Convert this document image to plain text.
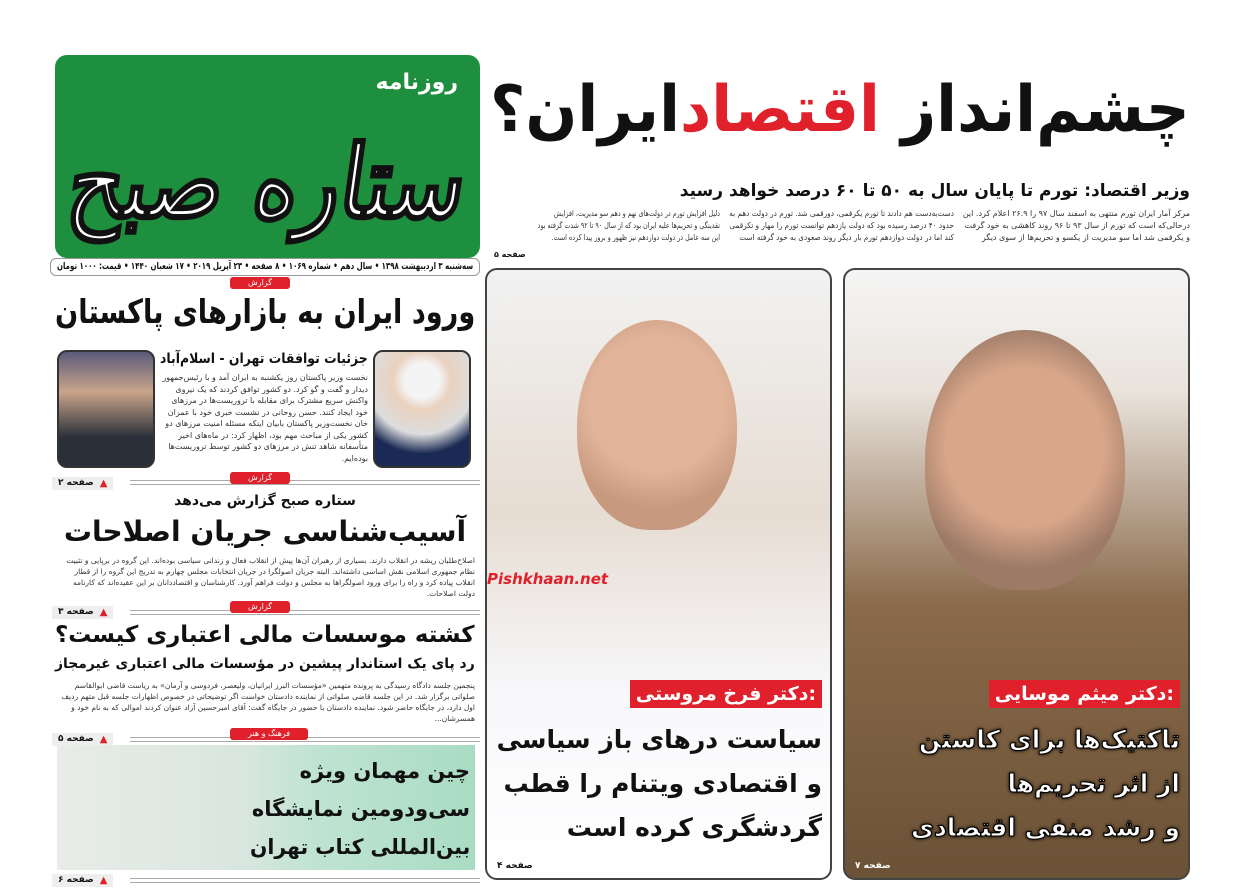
روزنامه
ستاره صبح
سه‌شنبه ۳ اردیبهشت ۱۳۹۸ • سال دهم • شماره ۱۰۶۹ • ۸ صفحه • ۲۳ آپریل ۲۰۱۹ • ۱۷ شعبان ۱۴۴۰ • قیمت: ۱۰۰۰ تومان
چشم‌انداز اقتصادایران؟
وزیر اقتصاد: تورم تا پایان سال به ۵۰ تا ۶۰ درصد خواهد رسید
مرکز آمار ایران تورم منتهی به اسفند سال ۹۷ را ۲۶.۹ اعلام کرد. این درحالی‌که است که تورم از سال ۹۳ تا ۹۶ روند کاهشی به خود گرفت و یکرقمی شد اما سو مدیریت از یکسو و تحریم‌ها از سوی دیگر
دست‌به‌دست هم دادند تا تورم یکرقمی، دورقمی شد. تورم در دولت دهم به حدود ۴۰ درصد رسیده بود که دولت یازدهم توانست تورم را مهار و تکرقمی کند اما در دولت دوازدهم تورم بار دیگر روند صعودی به خود گرفته است
دلیل افزایش تورم در دولت‌های نهم و دهم سو مدیریت، افزایش نقدینگی و تحریم‌ها علیه ایران بود که از سال ۹۰ تا ۹۲ شدت گرفته بود این سه عامل در دولت دوازدهم نیز ظهور و بروز پیدا کرده است.
صفحه ۵
گزارش
ورود ایران به بازارهای پاکستان
جزئیات توافقات تهران - اسلام‌آباد
نخست وزیر پاکستان روز یکشنبه به ایران آمد و با رئیس‌جمهور دیدار و گفت و گو کرد. دو کشور توافق کردند که یک نیروی واکنش سریع مشترک برای مقابله با تروریست‌ها در مرزهای خود ایجاد کنند. حسن روحانی در نشست خبری خود با عمران خان نخست‌وزیر پاکستان بابیان اینکه مسئله امنیت مرزهای دو کشور یکی از مباحث مهم بود، اظهار کرد: در ماه‌های اخیر متأسفانه شاهد تنش در مرزهای دو کشور توسط تروریست‌ها بوده‌ایم.
صفحه ۲ ▲
گزارش
ستاره صبح گزارش می‌دهد
آسیب‌شناسی جریان اصلاحات
اصلاح‌طلبان ریشه در انقلاب دارند. بسیاری از رهبران آن‌ها پیش از انقلاب فعال و زندانی سیاسی بوده‌اند. این گروه در برپایی و تثبیت نظام جمهوری اسلامی نقش اساسی داشته‌اند. البته جریان اصولگرا در جریان انتخابات مجلس چهارم به تدریج این گروه را از قطار انقلاب پیاده کرد و راه را برای ورود اصولگراها به مجلس و دولت فراهم آورد. کارشناسان و اقتصاددانان بر این عقیده‌اند که کارنامه دولت اصلاحات.
صفحه ۳ ▲
گزارش
کشته موسسات مالی اعتباری کیست؟
رد پای یک استاندار پیشین در مؤسسات مالی اعتباری غیرمجاز
پنجمین جلسه دادگاه رسیدگی به پرونده متهمین «مؤسسات البرز ایرانیان، ولیعصر، فردوسی و آرمان» به ریاست قاضی ابوالقاسم صلواتی برگزار شد. در این جلسه قاضی صلواتی از نماینده دادستان خواست اگر توضیحاتی در خصوص اظهارات جلسه قبل متهم ردیف اول دارد، در جایگاه حاضر شود. نماینده دادستان با حضور در جایگاه گفت: آقای امیرحسین آزاد عنوان کردند اموالی که به نام خود و همسرشان...
صفحه ۵ ▲
فرهنگ و هنر
چین مهمان ویژه
سی‌ودومین نمایشگاه
بین‌المللی کتاب تهران
صفحه ۶ ▲
Pishkhaan.net
دکتر فرخ مروستی:
سیاست درهای باز سیاسی
و اقتصادی ویتنام را قطب
گردشگری کرده است
صفحه ۴
دکتر میثم موسایی:
تاکتیک‌ها برای کاستن
از اثر تحریم‌ها
و رشد منفی اقتصادی
صفحه ۷
